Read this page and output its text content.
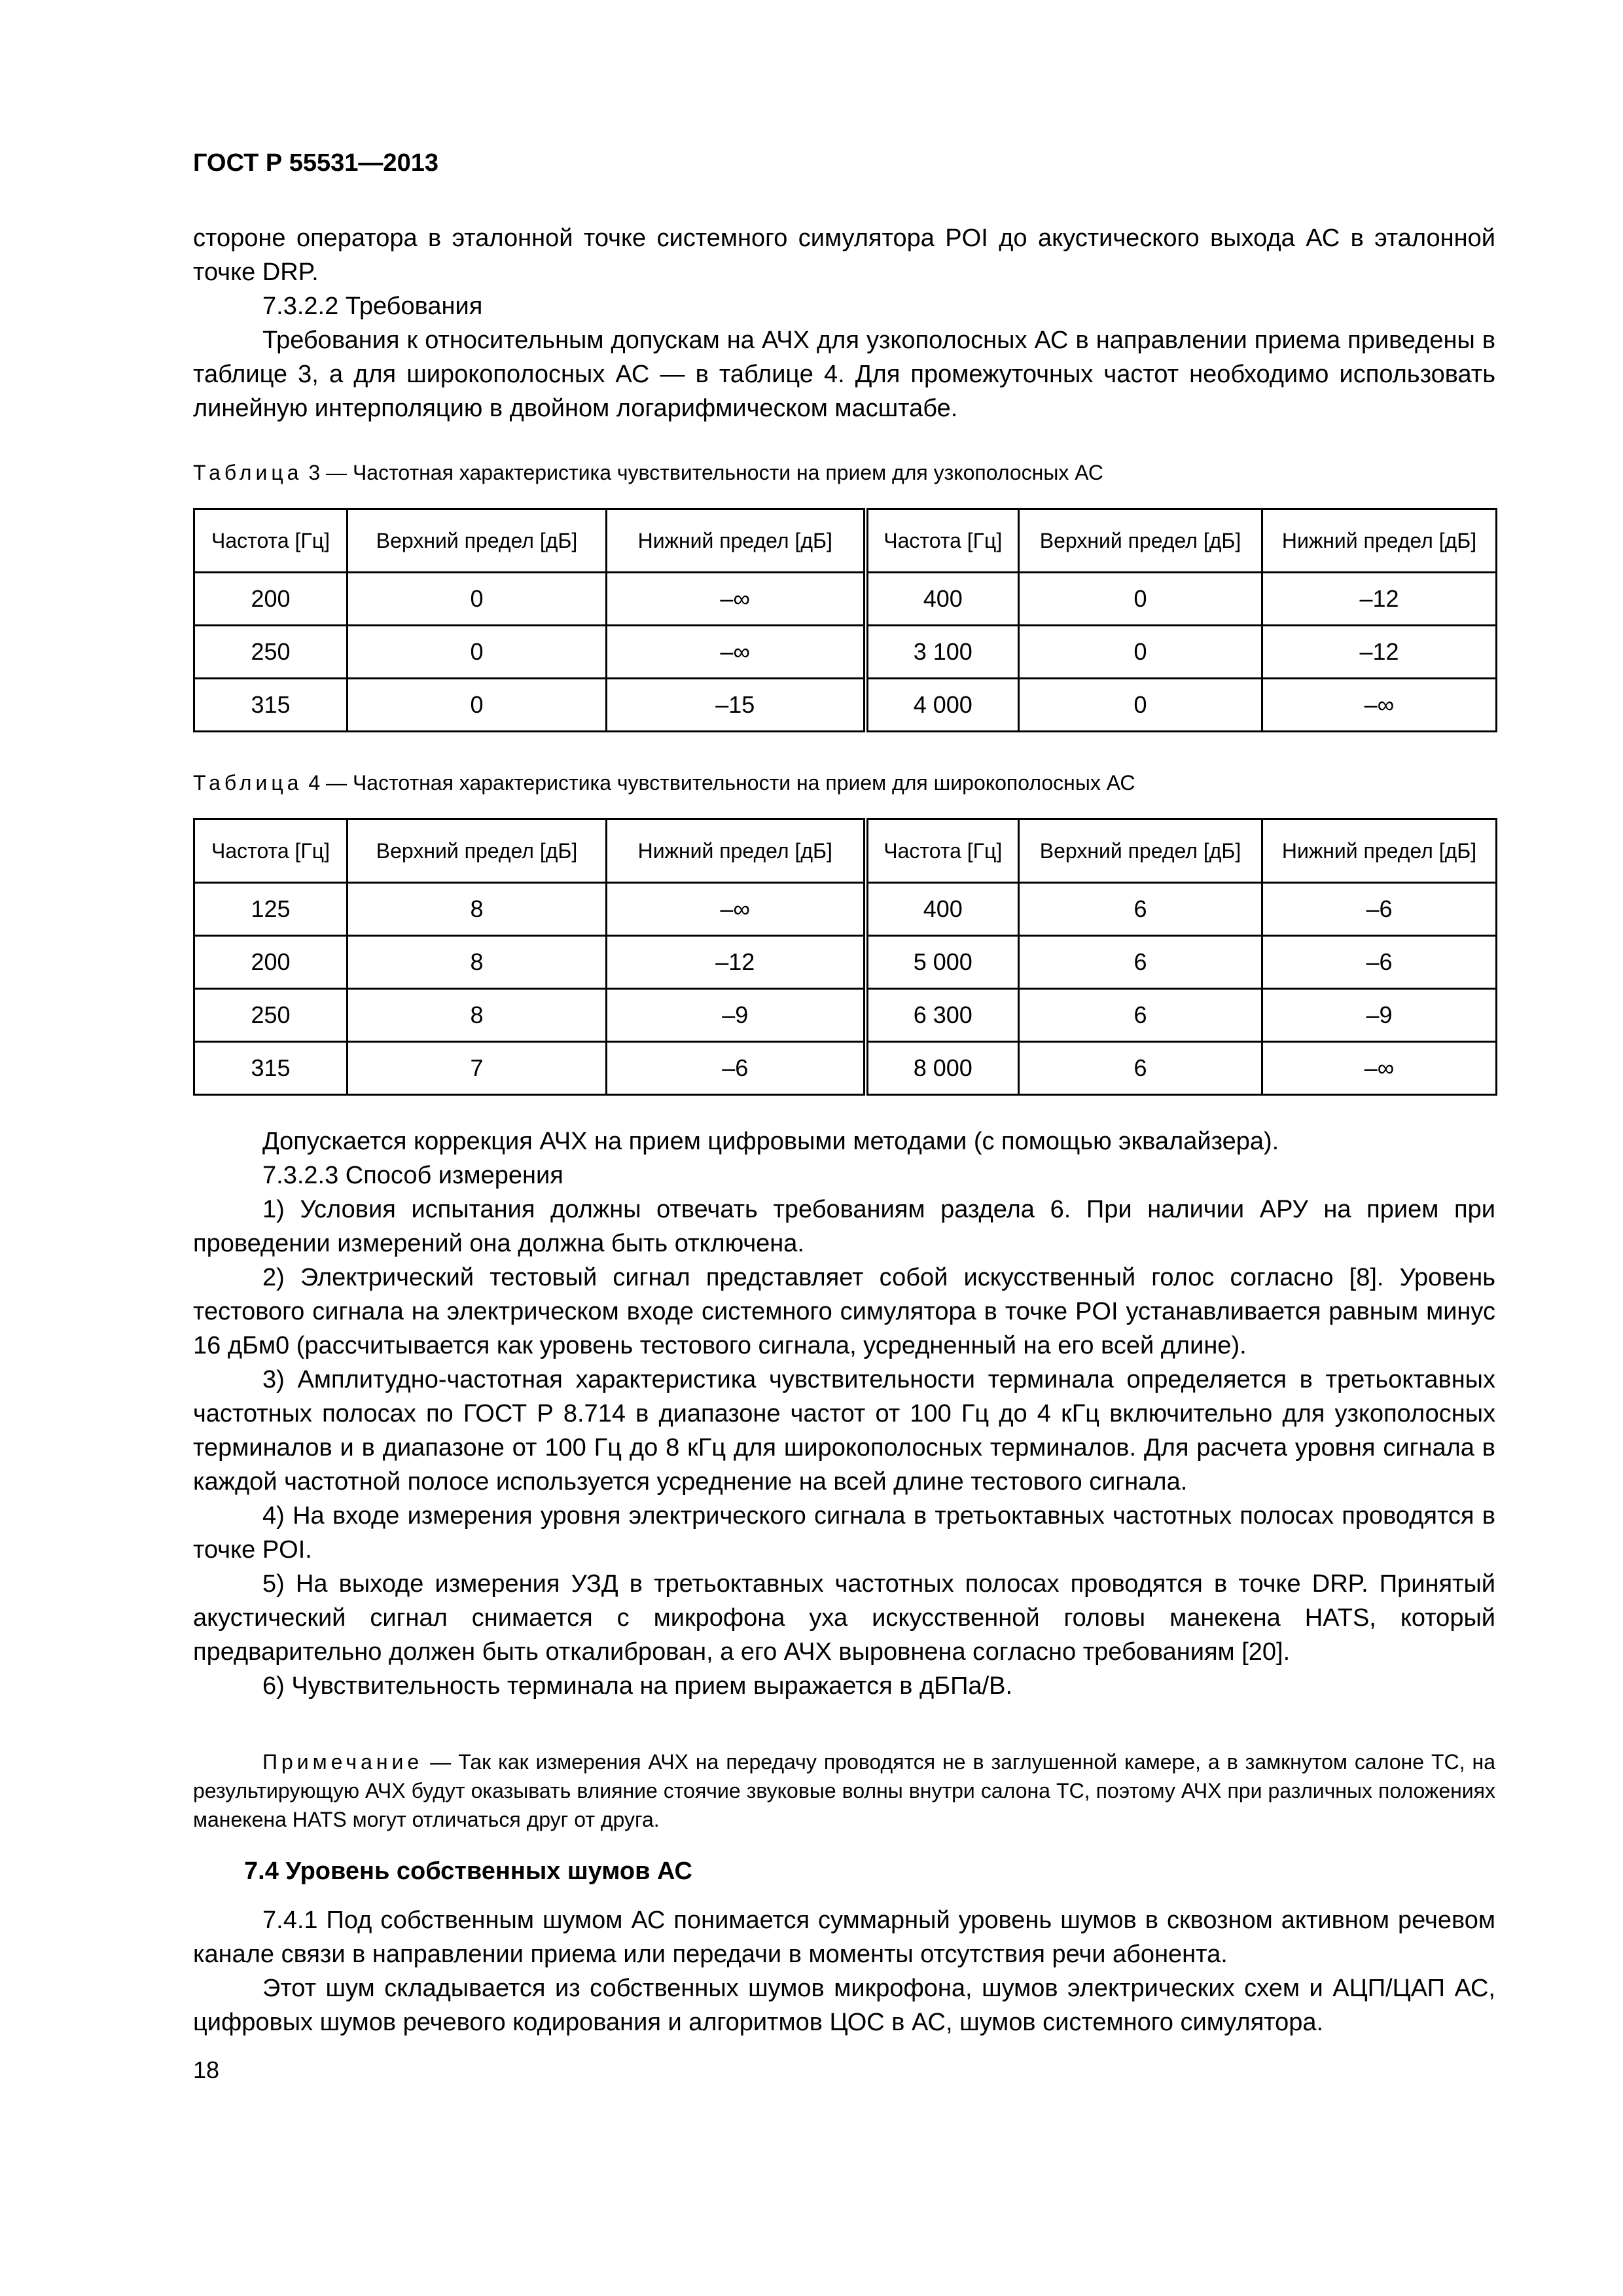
ГОСТ Р 55531—2013

стороне оператора в эталонной точке системного симулятора POI до акустического выхода АС в эталонной точке DRP.

7.3.2.2 Требования

Требования к относительным допускам на АЧХ для узкополосных АС в направлении приема приведены в таблице 3, а для широкополосных АС — в таблице 4. Для промежуточных частот необходимо использовать линейную интерполяцию в двойном логарифмическом масштабе.

Таблица 3 — Частотная характеристика чувствительности на прием для узкополосных АС
Частота [Гц]	Верхний предел [дБ]	Нижний предел [дБ]	Частота [Гц]	Верхний предел [дБ]	Нижний предел [дБ]
200	0	–∞	400	0	–12
250	0	–∞	3 100	0	–12
315	0	–15	4 000	0	–∞
Таблица 4 — Частотная характеристика чувствительности на прием для широкополосных АС
Частота [Гц]	Верхний предел [дБ]	Нижний предел [дБ]	Частота [Гц]	Верхний предел [дБ]	Нижний предел [дБ]
125	8	–∞	400	6	–6
200	8	–12	5 000	6	–6
250	8	–9	6 300	6	–9
315	7	–6	8 000	6	–∞

Допускается коррекция АЧХ на прием цифровыми методами (с помощью эквалайзера).

7.3.2.3 Способ измерения

1) Условия испытания должны отвечать требованиям раздела 6. При наличии АРУ на прием при проведении измерений она должна быть отключена.

2) Электрический тестовый сигнал представляет собой искусственный голос согласно [8]. Уровень тестового сигнала на электрическом входе системного симулятора в точке POI устанавливается равным минус 16 дБм0 (рассчитывается как уровень тестового сигнала, усредненный на его всей длине).

3) Амплитудно-частотная характеристика чувствительности терминала определяется в третьоктавных частотных полосах по ГОСТ Р 8.714 в диапазоне частот от 100 Гц до 4 кГц включительно для узкополосных терминалов и в диапазоне от 100 Гц до 8 кГц для широкополосных терминалов. Для расчета уровня сигнала в каждой частотной полосе используется усреднение на всей длине тестового сигнала.

4) На входе измерения уровня электрического сигнала в третьоктавных частотных полосах проводятся в точке POI.

5) На выходе измерения УЗД в третьоктавных частотных полосах проводятся в точке DRP. Принятый акустический сигнал снимается с микрофона уха искусственной головы манекена HATS, который предварительно должен быть откалиброван, а его АЧХ выровнена согласно требованиям [20].

6) Чувствительность терминала на прием выражается в дБПа/В.

Примечание — Так как измерения АЧХ на передачу проводятся не в заглушенной камере, а в замкнутом салоне ТС, на результирующую АЧХ будут оказывать влияние стоячие звуковые волны внутри салона ТС, поэтому АЧХ при различных положениях манекена HATS могут отличаться друг от друга.

7.4 Уровень собственных шумов АС

7.4.1 Под собственным шумом АС понимается суммарный уровень шумов в сквозном активном речевом канале связи в направлении приема или передачи в моменты отсутствия речи абонента.

Этот шум складывается из собственных шумов микрофона, шумов электрических схем и АЦП/ЦАП АС, цифровых шумов речевого кодирования и алгоритмов ЦОС в АС, шумов системного симулятора.

18
